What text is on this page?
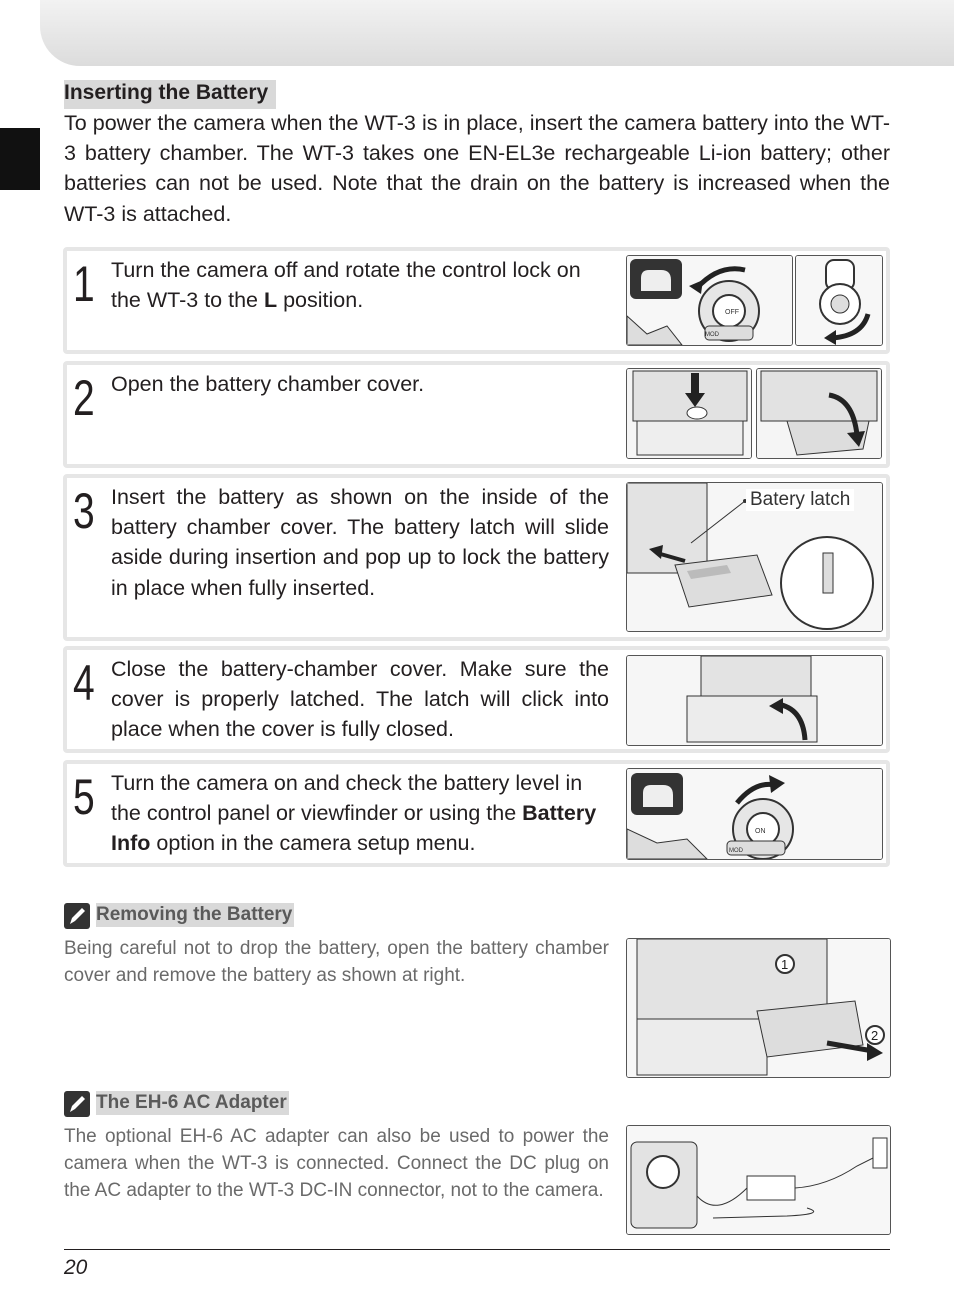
Inserting the Battery

To power the camera when the WT-3 is in place, insert the camera battery into the WT-3 battery chamber. The WT-3 takes one EN-EL3e rechargeable Li-ion battery; other batteries can not be used. Note that the drain on the battery is increased when the WT-3 is attached.

1 Turn the camera off and rotate the control lock on the WT-3 to the L position.

OFF
MOD
2 Open the battery chamber cover.

3 Insert the battery as shown on the inside of the battery chamber cover. The battery latch will slide aside during insertion and pop up to lock the battery in place when fully inserted.

Batery latch
4 Close the battery-chamber cover. Make sure the cover is properly latched. The latch will click into place when the cover is fully closed.

5 Turn the camera on and check the battery level in the control panel or viewfinder or using the Battery Info option in the camera setup menu.	ON
MOD
Removing the Battery

Being careful not to drop the battery, open the battery chamber cover and remove the battery as shown at right.

1
2
The EH-6 AC Adapter

The optional EH-6 AC adapter can also be used to power the camera when the WT-3 is connected. Connect the DC plug on the AC adapter to the WT-3 DC-IN connector, not to the camera.

20
